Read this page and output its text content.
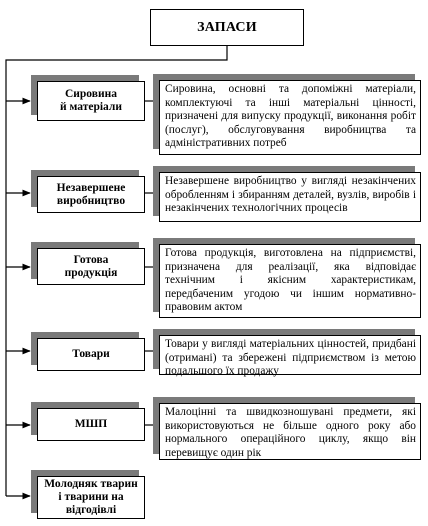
ЗАПАСИ
Сировина
й матеріали
Незавершене
виробництво
Готова
продукція
Товари
МШП
Молодняк тварин
і тварини на
відгодівлі
Сировина, основні та допоміжні матеріали, комплектуючі та інші матеріальні цінності, призначені для випуску продукції, виконання робіт (послуг), обслуговування виробництва та адміністративних потреб
Незавершене виробництво у вигляді незакінчених обробленням і збиранням деталей, вузлів, виробів і незакінчених технологічних процесів
Готова продукція, виготовлена на підприємстві, призначена для реалізації, яка відповідає технічним і якісним характеристикам, передбаченим угодою чи іншим нормативно-правовим актом
Товари у вигляді матеріальних цінностей, придбані (отримані) та збережені підприємством із метою подальшого їх продажу
Малоцінні та швидкозношувані предмети, які використовуються не більше одного року або нормального операційного циклу, якщо він перевищує один рік
